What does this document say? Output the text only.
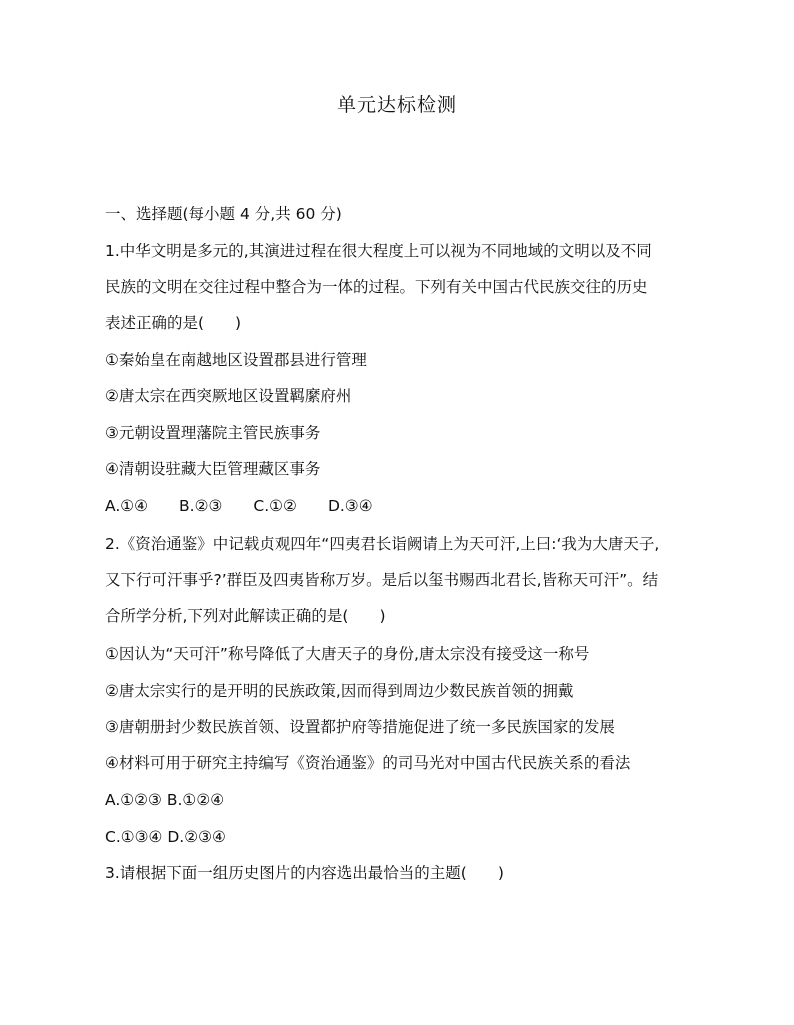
单元达标检测
一、选择题(每小题 4 分,共 60 分)
1.中华文明是多元的,其演进过程在很大程度上可以视为不同地域的文明以及不同
民族的文明在交往过程中整合为一体的过程。下列有关中国古代民族交往的历史
表述正确的是(　　)
①秦始皇在南越地区设置郡县进行管理
②唐太宗在西突厥地区设置羁縻府州
③元朝设置理藩院主管民族事务
④清朝设驻藏大臣管理藏区事务
A.①④　　B.②③　　C.①②　　D.③④
2.《资治通鉴》中记载贞观四年“四夷君长诣阙请上为天可汗,上曰:‘我为大唐天子,
又下行可汗事乎?’群臣及四夷皆称万岁。是后以玺书赐西北君长,皆称天可汗”。结
合所学分析,下列对此解读正确的是(　　)
①因认为“天可汗”称号降低了大唐天子的身份,唐太宗没有接受这一称号
②唐太宗实行的是开明的民族政策,因而得到周边少数民族首领的拥戴
③唐朝册封少数民族首领、设置都护府等措施促进了统一多民族国家的发展
④材料可用于研究主持编写《资治通鉴》的司马光对中国古代民族关系的看法
A.①②③ B.①②④
C.①③④ D.②③④
3.请根据下面一组历史图片的内容选出最恰当的主题(　　)
